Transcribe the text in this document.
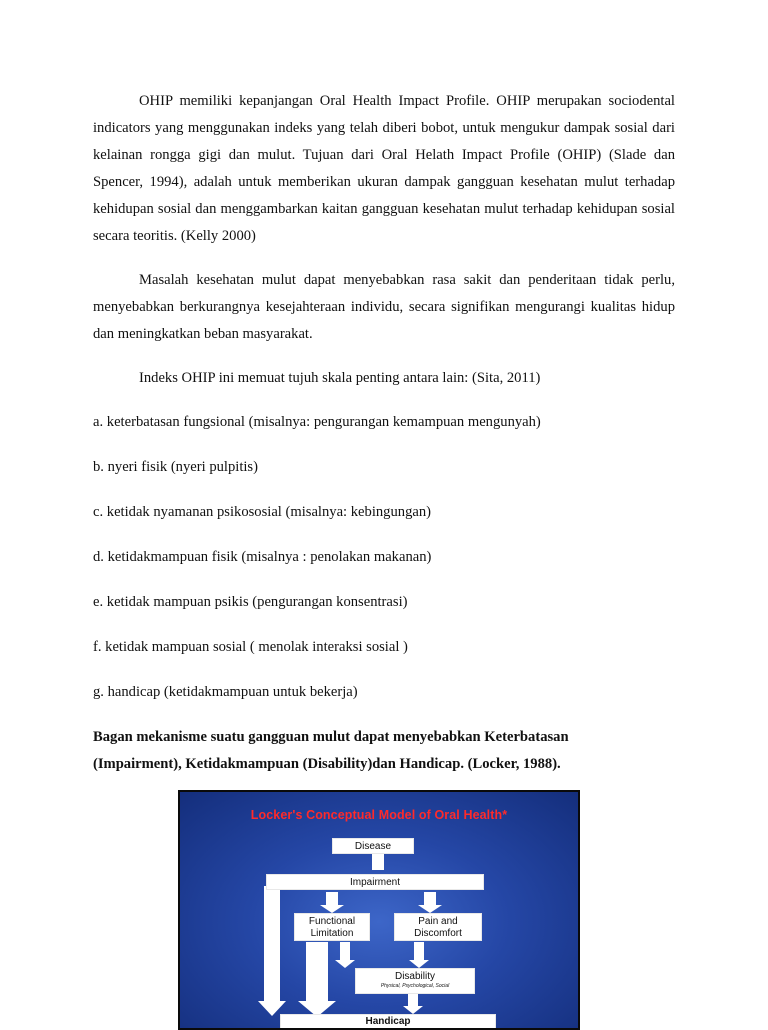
OHIP memiliki kepanjangan Oral Health Impact Profile. OHIP merupakan sociodental indicators yang menggunakan indeks yang telah diberi bobot, untuk mengukur dampak sosial dari kelainan rongga gigi dan mulut. Tujuan dari Oral Helath Impact Profile (OHIP) (Slade dan Spencer, 1994), adalah untuk memberikan ukuran dampak gangguan kesehatan mulut terhadap kehidupan sosial dan menggambarkan kaitan gangguan kesehatan mulut terhadap kehidupan sosial secara teoritis. (Kelly 2000)

Masalah kesehatan mulut dapat menyebabkan rasa sakit dan penderitaan tidak perlu, menyebabkan berkurangnya kesejahteraan individu, secara signifikan mengurangi kualitas hidup dan meningkatkan beban masyarakat.

Indeks OHIP ini memuat tujuh skala penting antara lain: (Sita, 2011)

a. keterbatasan fungsional (misalnya: pengurangan kemampuan mengunyah)

b. nyeri fisik (nyeri pulpitis)

c. ketidak nyamanan psikososial (misalnya: kebingungan)

d. ketidakmampuan fisik (misalnya : penolakan makanan)

e. ketidak mampuan psikis (pengurangan konsentrasi)

f. ketidak mampuan sosial ( menolak interaksi sosial )

g. handicap (ketidakmampuan untuk bekerja)

Bagan mekanisme suatu gangguan mulut dapat menyebabkan Keterbatasan

(Impairment), Ketidakmampuan (Disability)dan Handicap. (Locker, 1988).

Locker's Conceptual Model of Oral Health*
Disease
Impairment
Functional
Limitation
Pain and
Discomfort
Disability
Physical, Psychological, Social
Handicap
